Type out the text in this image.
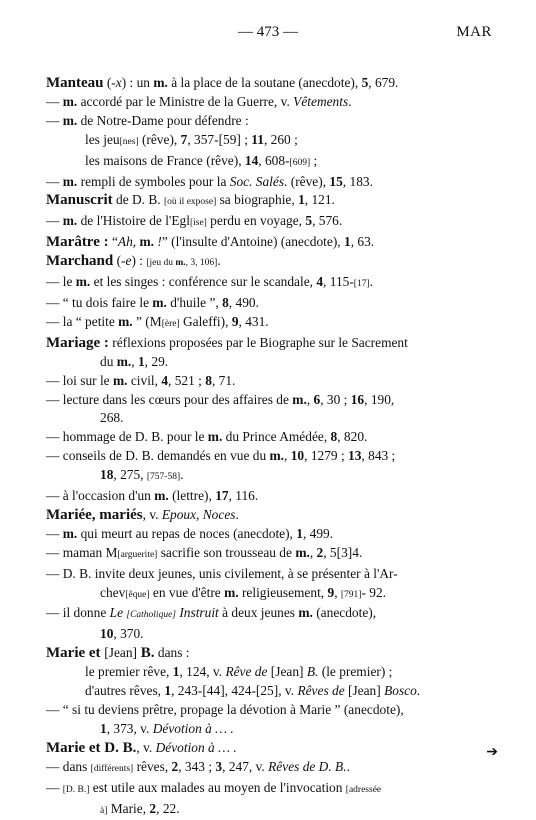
— 473 —	MAR
Manteau (-x) : un m. à la place de la soutane (anecdote), 5, 679.
— m. accordé par le Ministre de la Guerre, v. Vêtements.
— m. de Notre-Dame pour défendre :
les jeu[nes] (rêve), 7, 357-[59] ; 11, 260 ;
les maisons de France (rêve), 14, 608-[609] ;
— m. rempli de symboles pour la Soc. Salés. (rêve), 15, 183.
Manuscrit de D. B. [où il expose] sa biographie, 1, 121.
— m. de l'Histoire de l'Egl[ise] perdu en voyage, 5, 576.
Marâtre : “Ah, m. !” (l'insulte d'Antoine) (anecdote), 1, 63.
Marchand (-e) : [jeu du m., 3, 106].
— le m. et les singes : conférence sur le scandale, 4, 115-[17].
— “ tu dois faire le m. d'huile ”, 8, 490.
— la “ petite m. ” (M[ère] Galeffi), 9, 431.
Mariage : réflexions proposées par le Biographe sur le Sacrement
du m., 1, 29.
— loi sur le m. civil, 4, 521 ; 8, 71.
— lecture dans les cœurs pour des affaires de m., 6, 30 ; 16, 190,
268.
— hommage de D. B. pour le m. du Prince Amédée, 8, 820.
— conseils de D. B. demandés en vue du m., 10, 1279 ; 13, 843 ;
18, 275, [757-58].
— à l'occasion d'un m. (lettre), 17, 116.
Mariée, mariés, v. Epoux, Noces.
— m. qui meurt au repas de noces (anecdote), 1, 499.
— maman M[arguerite] sacrifie son trousseau de m., 2, 5[3]4.
— D. B. invite deux jeunes, unis civilement, à se présenter à l'Ar-
chev[êque] en vue d'être m. religieusement, 9, [791]- 92.
— il donne Le [Catholique] Instruit à deux jeunes m. (anecdote),
10, 370.
Marie et [Jean] B. dans :
le premier rêve, 1, 124, v. Rêve de [Jean] B. (le premier) ;
d'autres rêves, 1, 243-[44], 424-[25], v. Rêves de [Jean] Bosco.
— “ si tu deviens prêtre, propage la dévotion à Marie ” (anecdote),
1, 373, v. Dévotion à … .
Marie et D. B., v. Dévotion à … .
— dans [différents] rêves, 2, 343 ; 3, 247, v. Rêves de D. B..
— [D. B.] est utile aux malades au moyen de l'invocation [adressée
à] Marie, 2, 22.
➔
